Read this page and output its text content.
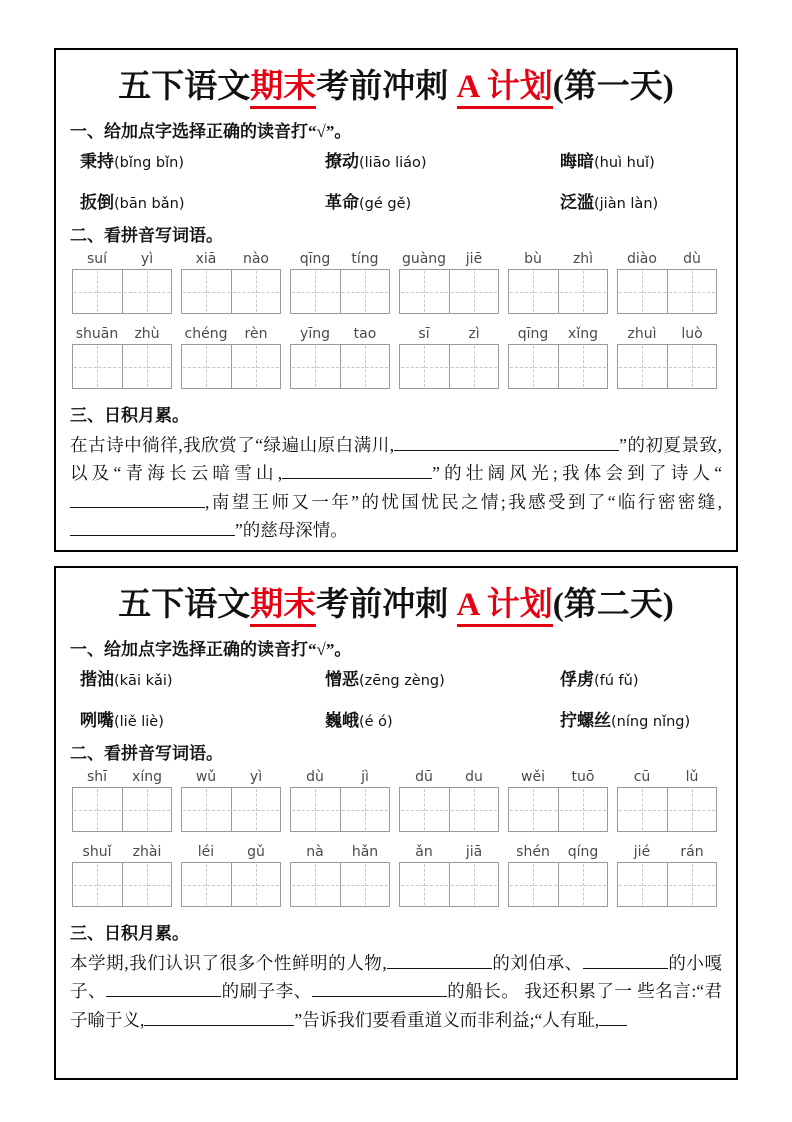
五下语文期末考前冲刺 A 计划(第一天)
一、给加点字选择正确的读音打“√”。
秉持(bǐng bǐn)	撩动(liāo liáo)	晦暗(huì huǐ)
扳倒(bān bǎn)	革命(gé gě)	泛滥(jiàn làn)
二、看拼音写词语。
suí	yì	xiā	nào	qīng	tíng	guàng	jiē	bù	zhì	diào	dù
shuān	zhù	chéng	rèn	yīng	tao	sī	zì	qīng	xǐng	zhuì	luò
三、日积月累。
在古诗中徜徉,我欣赏了“绿遍山原白满川,	”的初夏景致,以及“青海长云暗雪山,	”的壮阔风光;我体会到了诗人“,南望王师又一年”的忧国忧民之情;我感受到了“临行密密缝,”的慈母深情。
五下语文期末考前冲刺 A 计划(第二天)
一、给加点字选择正确的读音打“√”。
揩油(kāi kǎi)	憎恶(zēng zèng)	俘虏(fú fǔ)
咧嘴(liě liè)	巍峨(é ó)	拧螺丝(níng nǐng)
二、看拼音写词语。
shī	xíng	wǔ	yì	dù	jì	dū	du	wěi	tuō	cū	lǔ
shuǐ	zhài	léi	gǔ	nà	hǎn	ǎn	jiā	shén	qíng	jié	rán
三、日积月累。
本学期,我们认识了很多个性鲜明的人物,	的刘伯承、	的小嘎子、	的刷子李、	的船长。 我还积累了一 些名言:“君子喻于义,	”告诉我们要看重道义而非利益;“人有耻,
